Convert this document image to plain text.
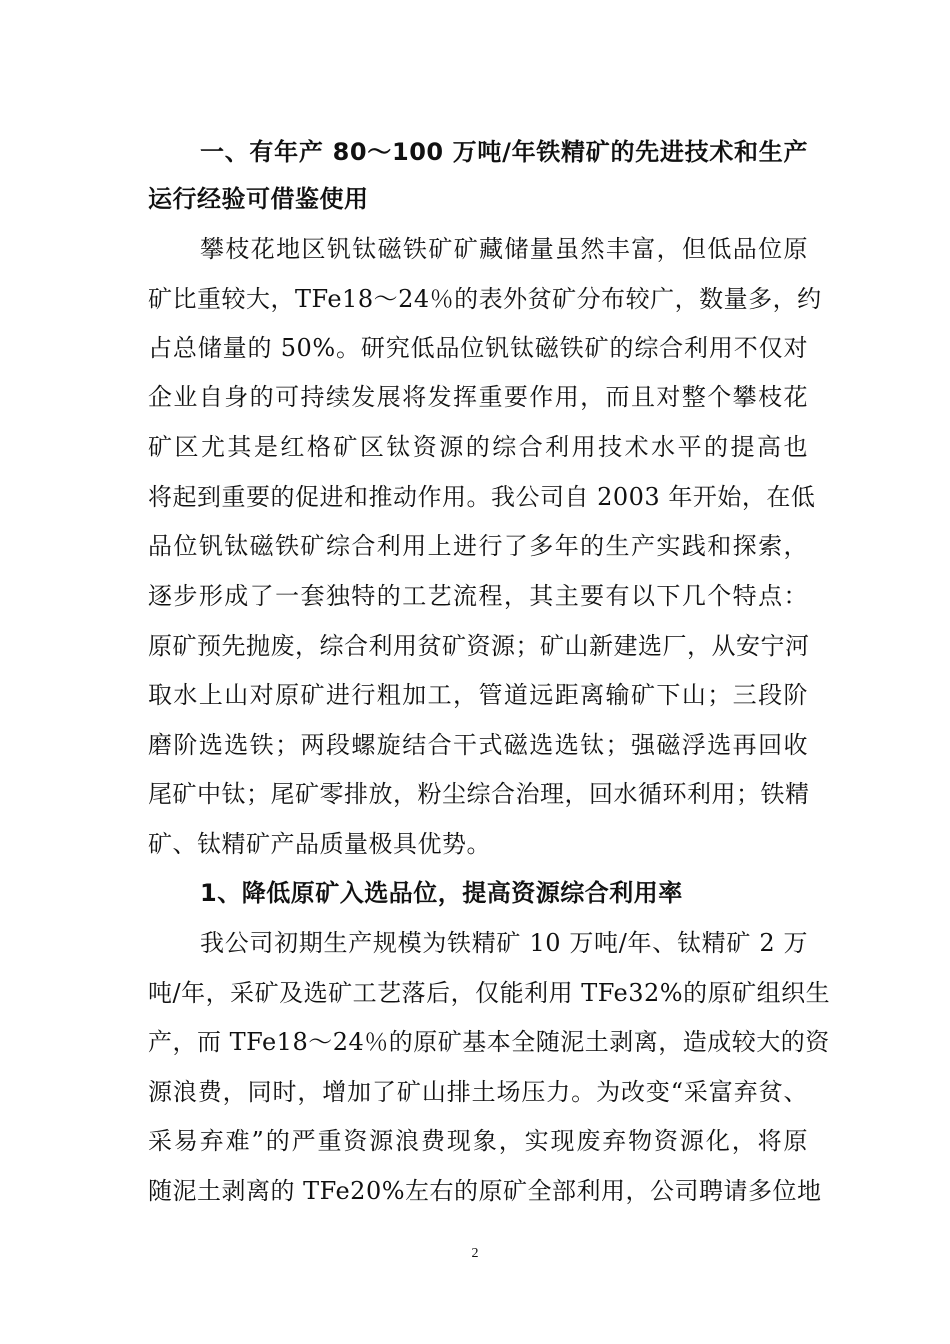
一、有年产 80～100 万吨/年铁精矿的先进技术和生产
运行经验可借鉴使用
攀枝花地区钒钛磁铁矿矿藏储量虽然丰富，但低品位原
矿比重较大，TFe18～24％的表外贫矿分布较广，数量多，约
占总储量的 50%。研究低品位钒钛磁铁矿的综合利用不仅对
企业自身的可持续发展将发挥重要作用，而且对整个攀枝花
矿区尤其是红格矿区钛资源的综合利用技术水平的提高也
将起到重要的促进和推动作用。我公司自 2003 年开始，在低
品位钒钛磁铁矿综合利用上进行了多年的生产实践和探索，
逐步形成了一套独特的工艺流程，其主要有以下几个特点：
原矿预先抛废，综合利用贫矿资源；矿山新建选厂，从安宁河
取水上山对原矿进行粗加工，管道远距离输矿下山；三段阶
磨阶选选铁；两段螺旋结合干式磁选选钛；强磁浮选再回收
尾矿中钛；尾矿零排放，粉尘综合治理，回水循环利用；铁精
矿、钛精矿产品质量极具优势。
1、降低原矿入选品位，提高资源综合利用率
我公司初期生产规模为铁精矿 10 万吨/年、钛精矿 2 万
吨/年，采矿及选矿工艺落后，仅能利用 TFe32%的原矿组织生
产，而 TFe18～24％的原矿基本全随泥土剥离，造成较大的资
源浪费，同时，增加了矿山排土场压力。为改变“采富弃贫、
采易弃难”的严重资源浪费现象，实现废弃物资源化，将原
随泥土剥离的 TFe20%左右的原矿全部利用，公司聘请多位地
2
